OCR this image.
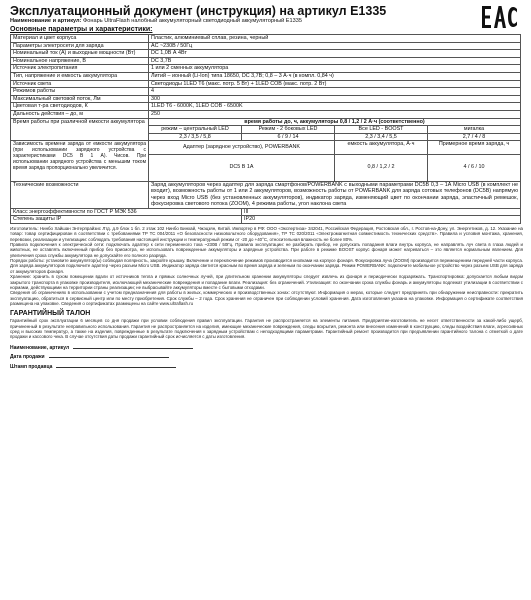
Эксплуатационный документ (инструкция) на артикул Е1335
Наименование и артикул: Фонарь UltraFlash налобный аккумуляторный светодиодный аккумуляторный Е1335
Основные параметры и характеристики:
Материал и цвет корпуса	Пластик, алюминиевый сплав, резина, черный			
Параметры электросети для заряда	AC ~230В / 50Гц			
Номинальный ток (А) и выходные мощности (Вт)	DC 1,0В А 4Вт			
Номинальное напряжение, В	DC 3,7В			
Источник электропитания	1 или 2 сменных аккумулятора			
Тип, напряжение и емкость аккумулятора	Литий – ионный (Li-Ion) типа 18650, DC 3,7В; 0,8 – 3 А·ч (в компл. 0,84 ч)			
Источник света	Светодиоды 1LED T6 (макс. потр. 5 Вт) + 1LED COB (макс. потр. 2 Вт)			
Режимов работы	4			
Максимальный световой поток, Лм	300			
Цветовая т-ра светодиодов, К	1LED T6 - 6000K, 1LED COB - 6500K			
Дальность действия – до, м	250			
Время работы при различной емкости аккумулятора	время работы до, ч, аккумуляторы 0,8 / 1,2 / 2 А·ч (соответственно)			
	режим – центральный LED	Режим - 2 боковых LED	Все LED - BOOST	мигалка
	2,3 / 3,5 / 5,8	6 / 9 / 14	2,3 / 3,4 / 5,5	2,7 / 4 / 8
Зависимость времени заряда от емкости аккумулятора (при использовании зарядного устройства с характеристиками DC5 В 1 А). Чисов. При использовании зарядного устройства с меньшим током время заряда пропорционально увеличится.	Адаптер (зарядное устройство), POWERBANK		емкость аккумулятора, А·ч	Примерное время заряда, ч
	DC5 В 1А		0,8 / 1,2 / 2	4 / 6 / 10
Технические возможности	Заряд аккумуляторов через адаптер для заряда смартфонов/POWERBANK с выходными параметрами DC5В 0,3 – 1А Micro USB (в комплект не входит), возможность работы от 1 или 2 аккумуляторов, возможность работы от POWERBANK для заряда сотовых телефонов (DC5В) напрямую через вход Micro USB (без установленных аккумуляторов), индикатор заряда, изменяющий цвет по окончании заряда, эластичный ремешок, фокусировка светового потока (ZOOM), 4 режима работы, угол наклона света			
Класс энергоэффективности по ГОСТ Р МЭК 536		III		
Степень защиты IP		IP20		

Изготовитель: Нинбо Хайшан Энтерпрайзис Лтд. д.9 блок 1 бл. 2 этаж 102 Нинбо Бинхай, Чжэцзян, Китай. Импортер в РФ: ООО «Экспертиза» 342041, Российская Федерация, Ростовская обл., г. Ростов-на-Дону, ул. Энергетиков, д. 12. Указание на товар: товар сертифицирован в соответствии с требованиями ТР ТС 004/2011 «О безопасности низковольтного оборудования», ТР ТС 020/2011 «Электромагнитная совместимость технических средств». Правила и условия монтажа, хранения, перевозки, реализации и утилизации: соблюдать требования настоящей инструкции и температурный режим от -20 до +40°С, относительная влажность не более 80%.

Правила подключения к электрической сети: подключать адаптер к сети переменного тока ~230В / 50Гц. Правила эксплуатации: не разбирать прибор, не допускать попадания влаги внутрь корпуса, не направлять луч света в глаза людей и животных, не оставлять включенный прибор без присмотра, не использовать поврежденные аккумуляторы и зарядные устройства. При работе в режиме BOOST корпус фонаря может нагреваться – это является нормальным явлением. Для увеличения срока службы аккумулятора не допускайте его полного разряда.

Порядок работы: установите аккумулятор(ы) соблюдая полярность, закройте крышку. Включение и переключение режимов производится кнопками на корпусе фонаря. Фокусировка луча (ZOOM) производится перемещением передней части корпуса. Для заряда аккумуляторов подключите адаптер через разъем Micro USB. Индикатор заряда светится красным во время заряда и зеленым по окончании заряда. Режим POWERBANK: подключите мобильное устройство через разъем USB для заряда от аккумуляторов фонаря.

Хранение: хранить в сухом помещении вдали от источников тепла и прямых солнечных лучей, при длительном хранении аккумуляторы следует извлечь из фонаря и периодически подзаряжать. Транспортировка: допускается любым видом закрытого транспорта в упаковке производителя, исключающей механические повреждения и попадание влаги. Реализация: без ограничений. Утилизация: по окончании срока службы фонарь и аккумуляторы подлежат утилизации в соответствии с нормами, действующими на территории страны реализации; не выбрасывайте аккумуляторы вместе с бытовыми отходами.

Сведения об ограничениях в использовании с учетом предназначения для работы в жилых, коммерческих и производственных зонах: отсутствуют. Информация о мерах, которые следует предпринять при обнаружении неисправности: прекратить эксплуатацию, обратиться в сервисный центр или по месту приобретения. Срок службы – 2 года. Срок хранения не ограничен при соблюдении условий хранения. Дата изготовления указана на упаковке. Информация о сертификате соответствия размещена на упаковке. Сведения о сертификатах размещены на сайте www.ultraflash.ru

ГАРАНТИЙНЫЙ ТАЛОН
Гарантийный срок эксплуатации 6 месяцев со дня продажи при условии соблюдения правил эксплуатации. Гарантия не распространяется на элементы питания. Предприятие-изготовитель не несет ответственности за какой-либо ущерб, причиненный в результате неправильного использования. Гарантия не распространяется на изделия, имеющие механические повреждения, следы вскрытия, ремонта или внесения изменений в конструкцию, следы воздействия влаги, агрессивных сред и высоких температур, а также на изделия, поврежденные в результате подключения к зарядным устройствам с неподходящими параметрами. Гарантийный ремонт производится при предъявлении гарантийного талона с отметкой о дате продажи и кассового чека. В случае отсутствия даты продажи гарантийный срок исчисляется с даты изготовления.
Наименование, артикул
Дата продажи
Штамп продавца
